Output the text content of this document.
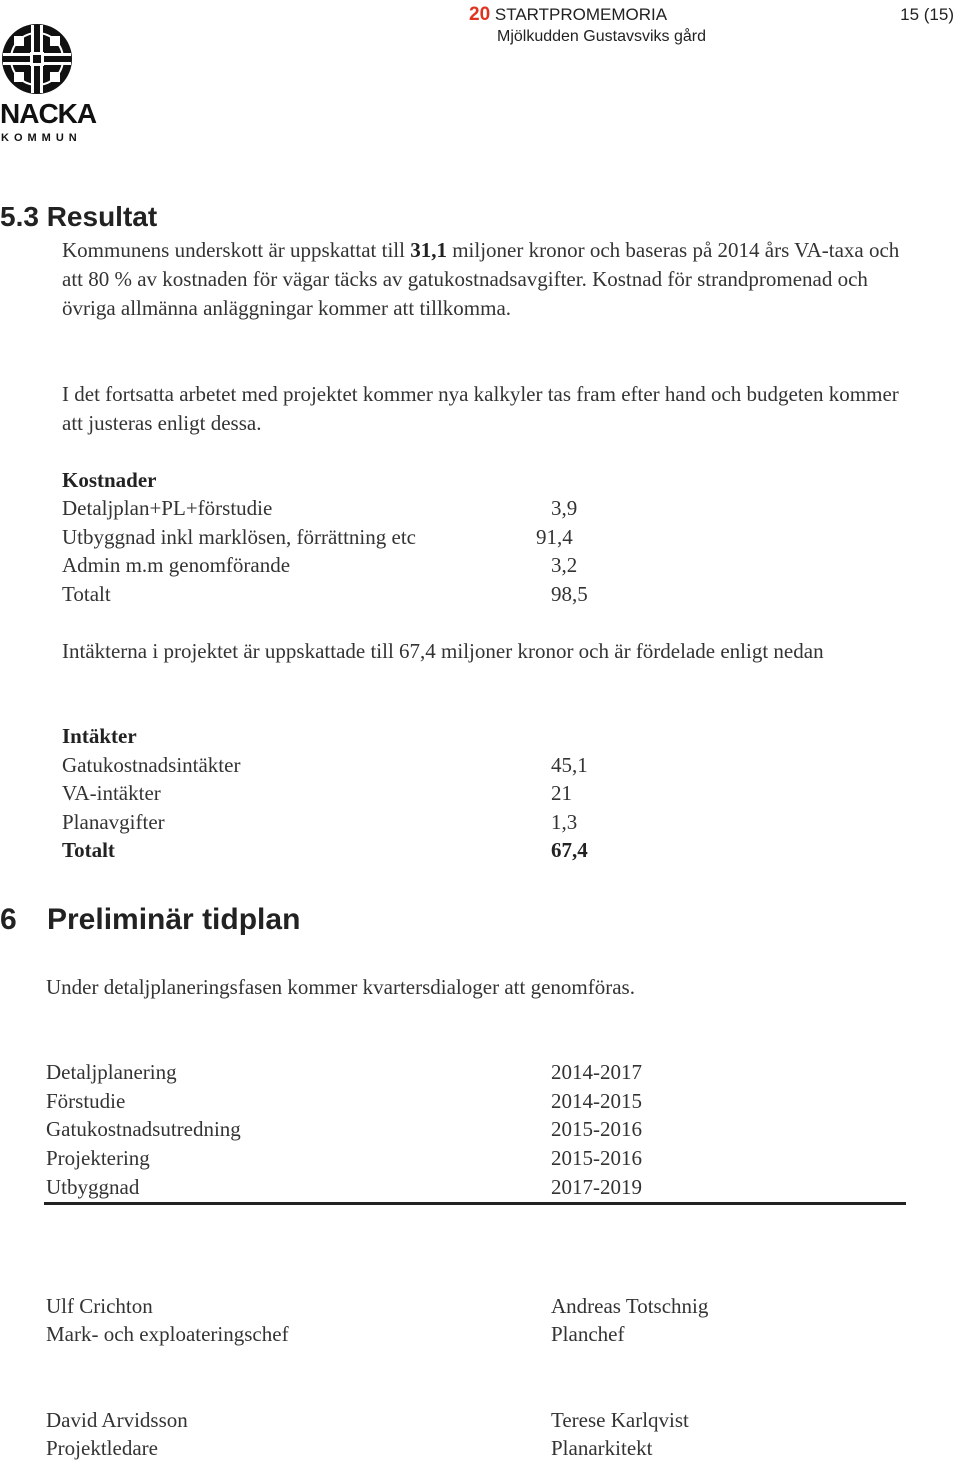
NACKA
KOMMUN
20 STARTPROMEMORIA
Mjölkudden Gustavsviks gård
15 (15)
5.3 Resultat
Kommunens underskott är uppskattat till 31,1 miljoner kronor och baseras på 2014 års VA-taxa och att 80 % av kostnaden för vägar täcks av gatukostnadsavgifter. Kostnad för strandpromenad och övriga allmänna anläggningar kommer att tillkomma.
I det fortsatta arbetet med projektet kommer nya kalkyler tas fram efter hand och budgeten kommer att justeras enligt dessa.
Kostnader
Detaljplan+PL+förstudie	3,9
Utbyggnad inkl marklösen, förrättning etc	91,4
Admin m.m genomförande	3,2
Totalt	98,5
Intäkterna i projektet är uppskattade till 67,4 miljoner kronor och är fördelade enligt nedan
Intäkter
Gatukostnadsintäkter	45,1
VA-intäkter	21
Planavgifter	1,3
Totalt	67,4
6 Preliminär tidplan
Under detaljplaneringsfasen kommer kvartersdialoger att genomföras.
Detaljplanering	2014-2017
Förstudie	2014-2015
Gatukostnadsutredning	2015-2016
Projektering	2015-2016
Utbyggnad	2017-2019
Ulf Crichton
Mark- och exploateringschef
Andreas Totschnig
Planchef
David Arvidsson
Projektledare
Terese Karlqvist
Planarkitekt
